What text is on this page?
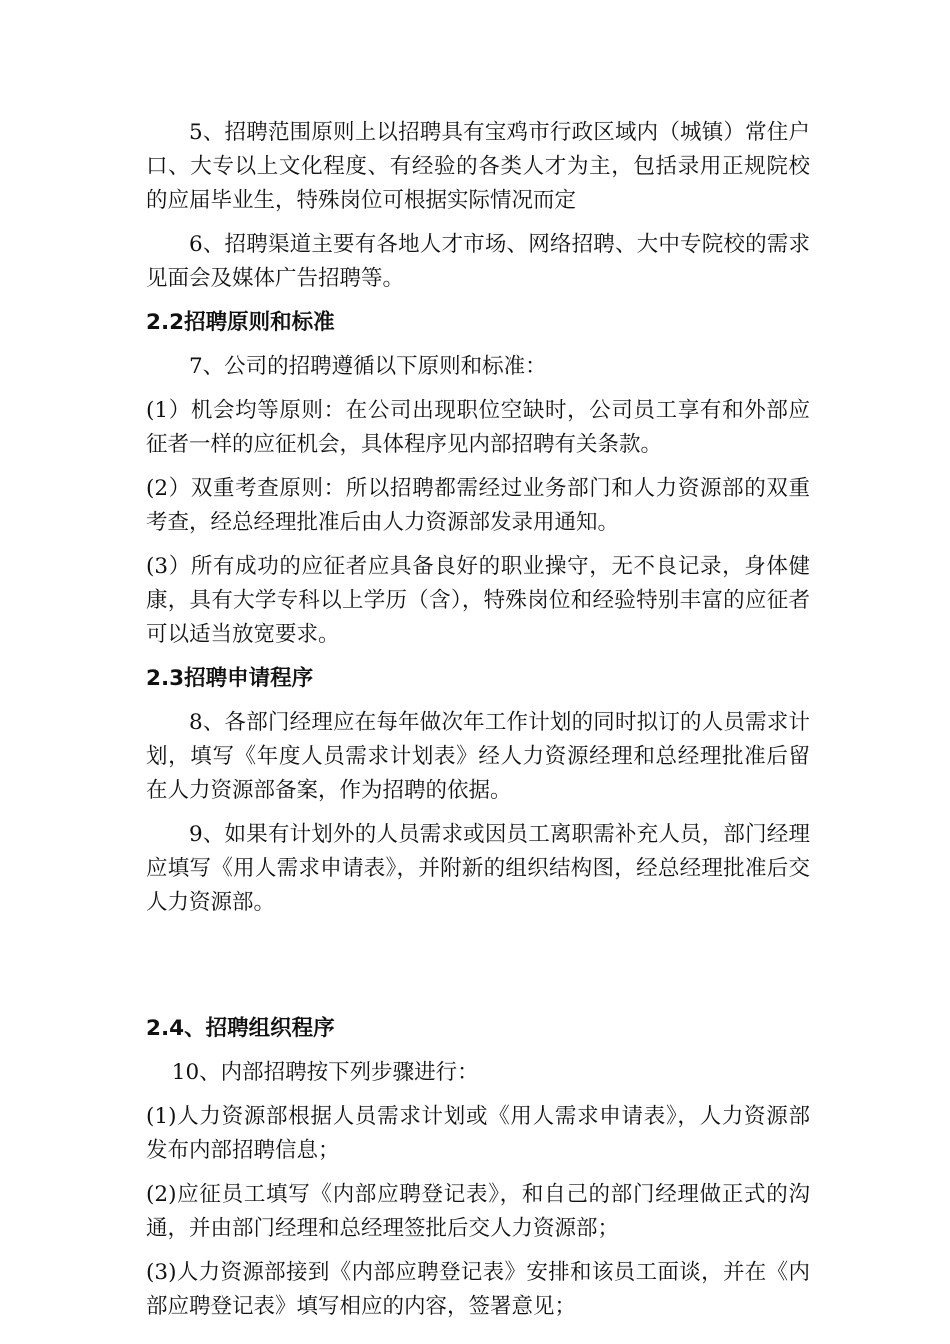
5、招聘范围原则上以招聘具有宝鸡市行政区域内（城镇）常住户口、大专以上文化程度、有经验的各类人才为主，包括录用正规院校的应届毕业生，特殊岗位可根据实际情况而定

6、招聘渠道主要有各地人才市场、网络招聘、大中专院校的需求见面会及媒体广告招聘等。

2.2招聘原则和标准

7、公司的招聘遵循以下原则和标准：

(1）机会均等原则：在公司出现职位空缺时，公司员工享有和外部应征者一样的应征机会，具体程序见内部招聘有关条款。

(2）双重考查原则：所以招聘都需经过业务部门和人力资源部的双重考查，经总经理批准后由人力资源部发录用通知。

(3）所有成功的应征者应具备良好的职业操守，无不良记录，身体健康，具有大学专科以上学历（含），特殊岗位和经验特别丰富的应征者可以适当放宽要求。

2.3招聘申请程序

8、各部门经理应在每年做次年工作计划的同时拟订的人员需求计划，填写《年度人员需求计划表》经人力资源经理和总经理批准后留在人力资源部备案，作为招聘的依据。

9、如果有计划外的人员需求或因员工离职需补充人员，部门经理应填写《用人需求申请表》，并附新的组织结构图，经总经理批准后交人力资源部。

2.4、招聘组织程序

10、内部招聘按下列步骤进行：

(1)人力资源部根据人员需求计划或《用人需求申请表》，人力资源部发布内部招聘信息；

(2)应征员工填写《内部应聘登记表》，和自己的部门经理做正式的沟通，并由部门经理和总经理签批后交人力资源部；

(3)人力资源部接到《内部应聘登记表》安排和该员工面谈，并在《内部应聘登记表》填写相应的内容，签署意见；
